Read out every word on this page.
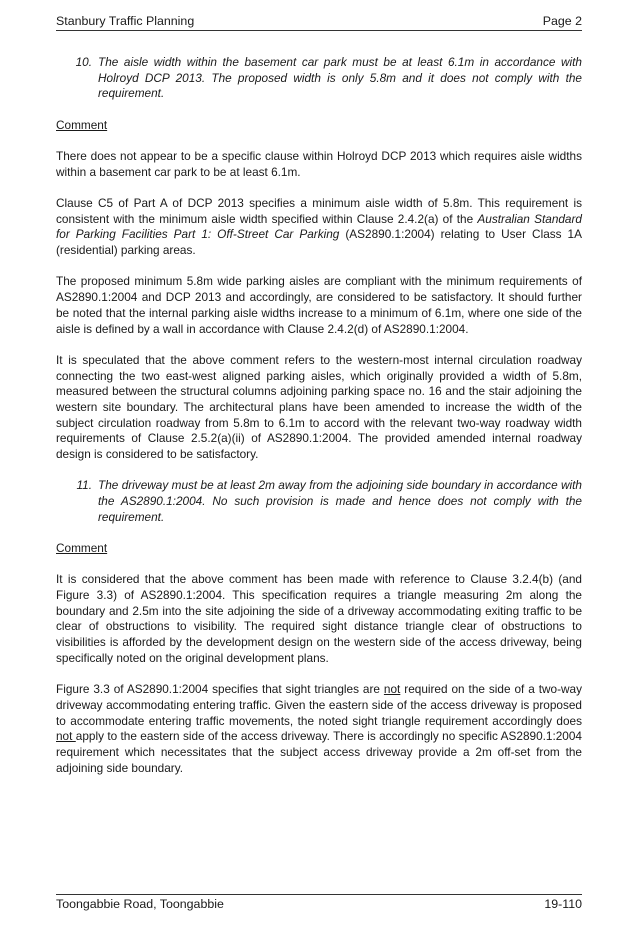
Stanbury Traffic Planning	Page 2
10. The aisle width within the basement car park must be at least 6.1m in accordance with Holroyd DCP 2013. The proposed width is only 5.8m and it does not comply with the requirement.

Comment

There does not appear to be a specific clause within Holroyd DCP 2013 which requires aisle widths within a basement car park to be at least 6.1m.

Clause C5 of Part A of DCP 2013 specifies a minimum aisle width of 5.8m. This requirement is consistent with the minimum aisle width specified within Clause 2.4.2(a) of the Australian Standard for Parking Facilities Part 1: Off-Street Car Parking (AS2890.1:2004) relating to User Class 1A (residential) parking areas.

The proposed minimum 5.8m wide parking aisles are compliant with the minimum requirements of AS2890.1:2004 and DCP 2013 and accordingly, are considered to be satisfactory. It should further be noted that the internal parking aisle widths increase to a minimum of 6.1m, where one side of the aisle is defined by a wall in accordance with Clause 2.4.2(d) of AS2890.1:2004.

It is speculated that the above comment refers to the western-most internal circulation roadway connecting the two east-west aligned parking aisles, which originally provided a width of 5.8m, measured between the structural columns adjoining parking space no. 16 and the stair adjoining the western site boundary. The architectural plans have been amended to increase the width of the subject circulation roadway from 5.8m to 6.1m to accord with the relevant two-way roadway width requirements of Clause 2.5.2(a)(ii) of AS2890.1:2004. The provided amended internal roadway design is considered to be satisfactory.

11. The driveway must be at least 2m away from the adjoining side boundary in accordance with the AS2890.1:2004. No such provision is made and hence does not comply with the requirement.

Comment

It is considered that the above comment has been made with reference to Clause 3.2.4(b) (and Figure 3.3) of AS2890.1:2004. This specification requires a triangle measuring 2m along the boundary and 2.5m into the site adjoining the side of a driveway accommodating exiting traffic to be clear of obstructions to visibility. The required sight distance triangle clear of obstructions to visibilities is afforded by the development design on the western side of the access driveway, being specifically noted on the original development plans.

Figure 3.3 of AS2890.1:2004 specifies that sight triangles are not required on the side of a two-way driveway accommodating entering traffic. Given the eastern side of the access driveway is proposed to accommodate entering traffic movements, the noted sight triangle requirement accordingly does not apply to the eastern side of the access driveway. There is accordingly no specific AS2890.1:2004 requirement which necessitates that the subject access driveway provide a 2m off-set from the adjoining side boundary.

Toongabbie Road, Toongabbie	19-110
